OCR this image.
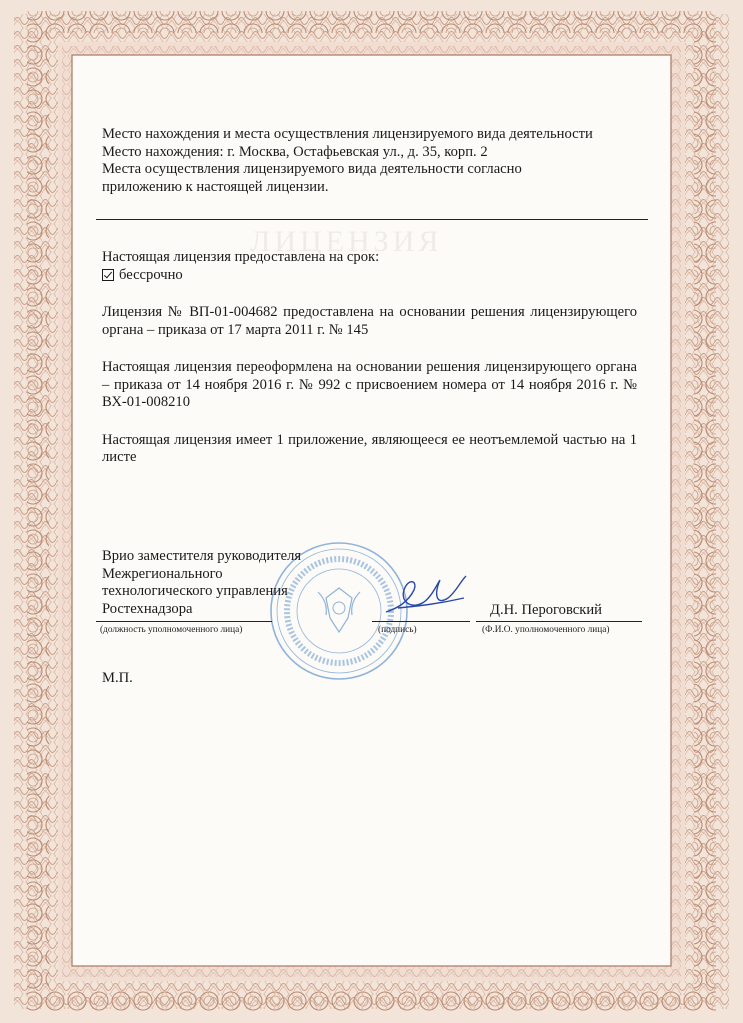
ЛИЦЕНЗИЯ

Место нахождения и места осуществления лицензируемого вида деятельности

Место нахождения: г. Москва, Остафьевская ул., д. 35, корп. 2

Места осуществления лицензируемого вида деятельности согласно

приложению к настоящей лицензии.

Настоящая лицензия предоставлена на срок:

бессрочно

Лицензия № ВП-01-004682 предоставлена на основании решения лицензирующего органа – приказа от 17 марта 2011 г. № 145

Настоящая лицензия переоформлена на основании решения лицензирующего органа – приказа от 14 ноября 2016 г. № 992 с присвоением номера от 14 ноября 2016 г. № ВХ-01-008210

Настоящая лицензия имеет 1 приложение, являющееся ее неотъемлемой частью на 1 листе

Врио заместителя руководителя
Межрегионального
технологического управления
Ростехнадзора	Д.Н. Пероговский
(должность уполномоченного лица)	(подпись)	(Ф.И.О. уполномоченного лица)
М.П.
